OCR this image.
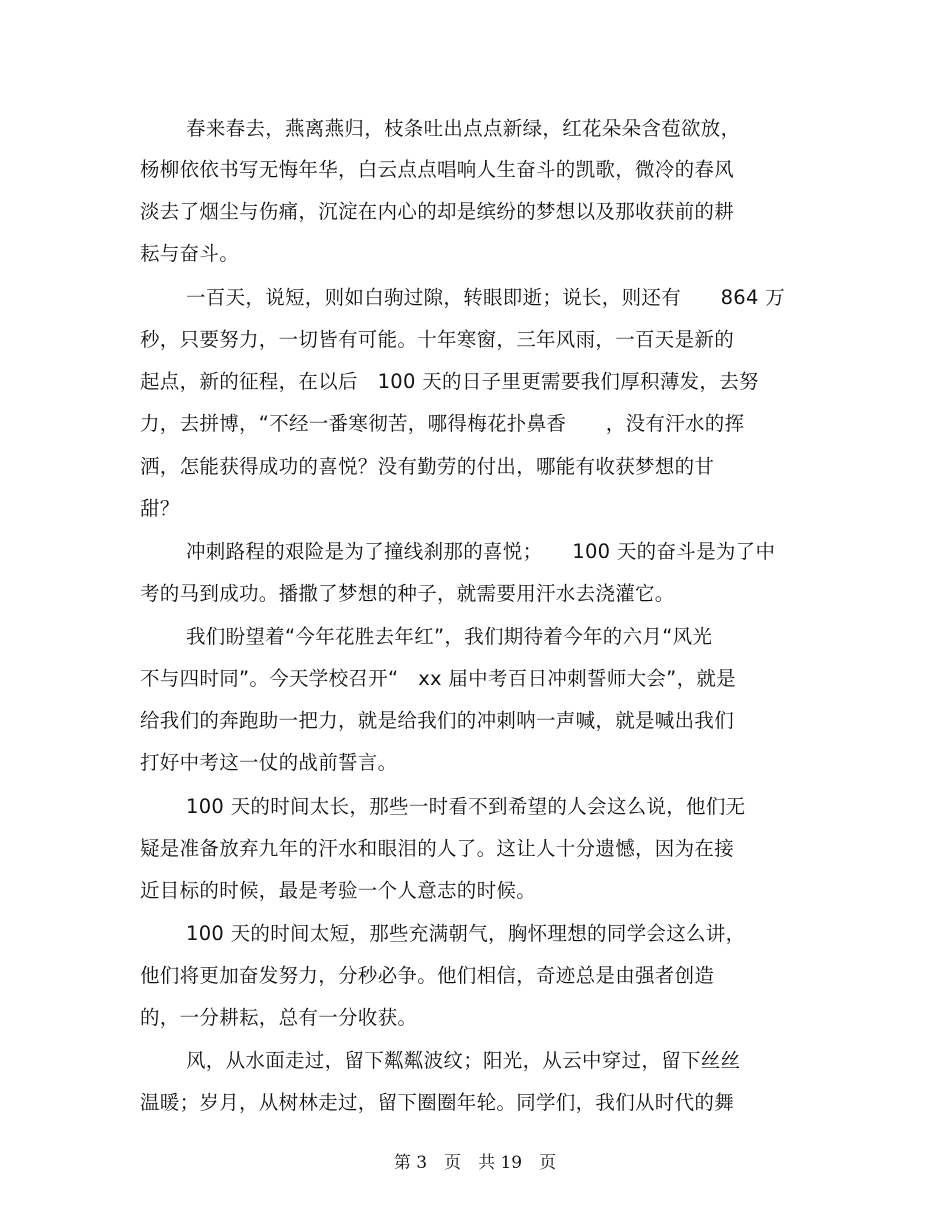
春来春去，燕离燕归，枝条吐出点点新绿，红花朵朵含苞欲放，
杨柳依依书写无悔年华，白云点点唱响人生奋斗的凯歌，微冷的春风
淡去了烟尘与伤痛，沉淀在内心的却是缤纷的梦想以及那收获前的耕
耘与奋斗。
一百天，说短，则如白驹过隙，转眼即逝；说长，则还有　　864 万
秒，只要努力，一切皆有可能。十年寒窗，三年风雨，一百天是新的
起点，新的征程，在以后　100 天的日子里更需要我们厚积薄发，去努
力，去拼博，“不经一番寒彻苦，哪得梅花扑鼻香　　，没有汗水的挥
洒，怎能获得成功的喜悦？没有勤劳的付出，哪能有收获梦想的甘
甜？
冲刺路程的艰险是为了撞线刹那的喜悦；　　100 天的奋斗是为了中
考的马到成功。播撒了梦想的种子，就需要用汗水去浇灌它。
我们盼望着“今年花胜去年红”，我们期待着今年的六月“风光
不与四时同”。今天学校召开“　xx 届中考百日冲刺誓师大会”，就是
给我们的奔跑助一把力，就是给我们的冲刺呐一声喊，就是喊出我们
打好中考这一仗的战前誓言。
100 天的时间太长，那些一时看不到希望的人会这么说，他们无
疑是准备放弃九年的汗水和眼泪的人了。这让人十分遗憾，因为在接
近目标的时候，最是考验一个人意志的时候。
100 天的时间太短，那些充满朝气，胸怀理想的同学会这么讲，
他们将更加奋发努力，分秒必争。他们相信，奇迹总是由强者创造
的，一分耕耘，总有一分收获。
风，从水面走过，留下粼粼波纹；阳光，从云中穿过，留下丝丝
温暖；岁月，从树林走过，留下圈圈年轮。同学们，我们从时代的舞
第 3　页　共 19　页
